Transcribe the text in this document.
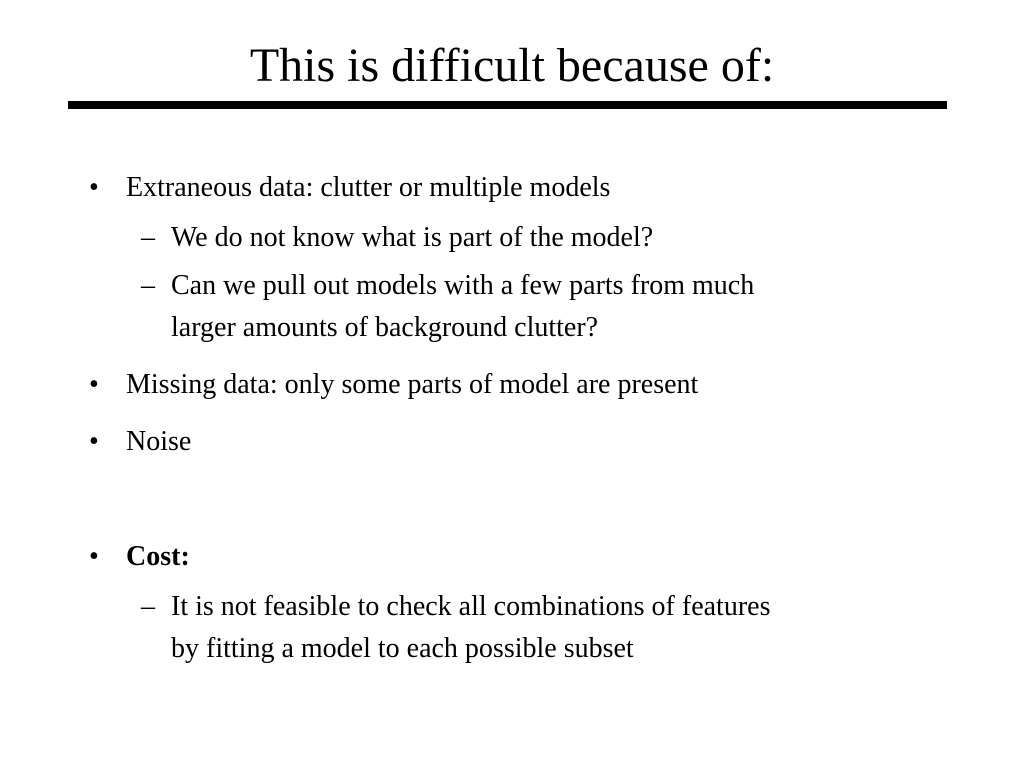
This is difficult because of:
• Extraneous data: clutter or multiple models
– We do not know what is part of the model?
– Can we pull out models with a few parts from much
larger amounts of background clutter?
• Missing data: only some parts of model are present
• Noise
• Cost:
– It is not feasible to check all combinations of features
by fitting a model to each possible subset
